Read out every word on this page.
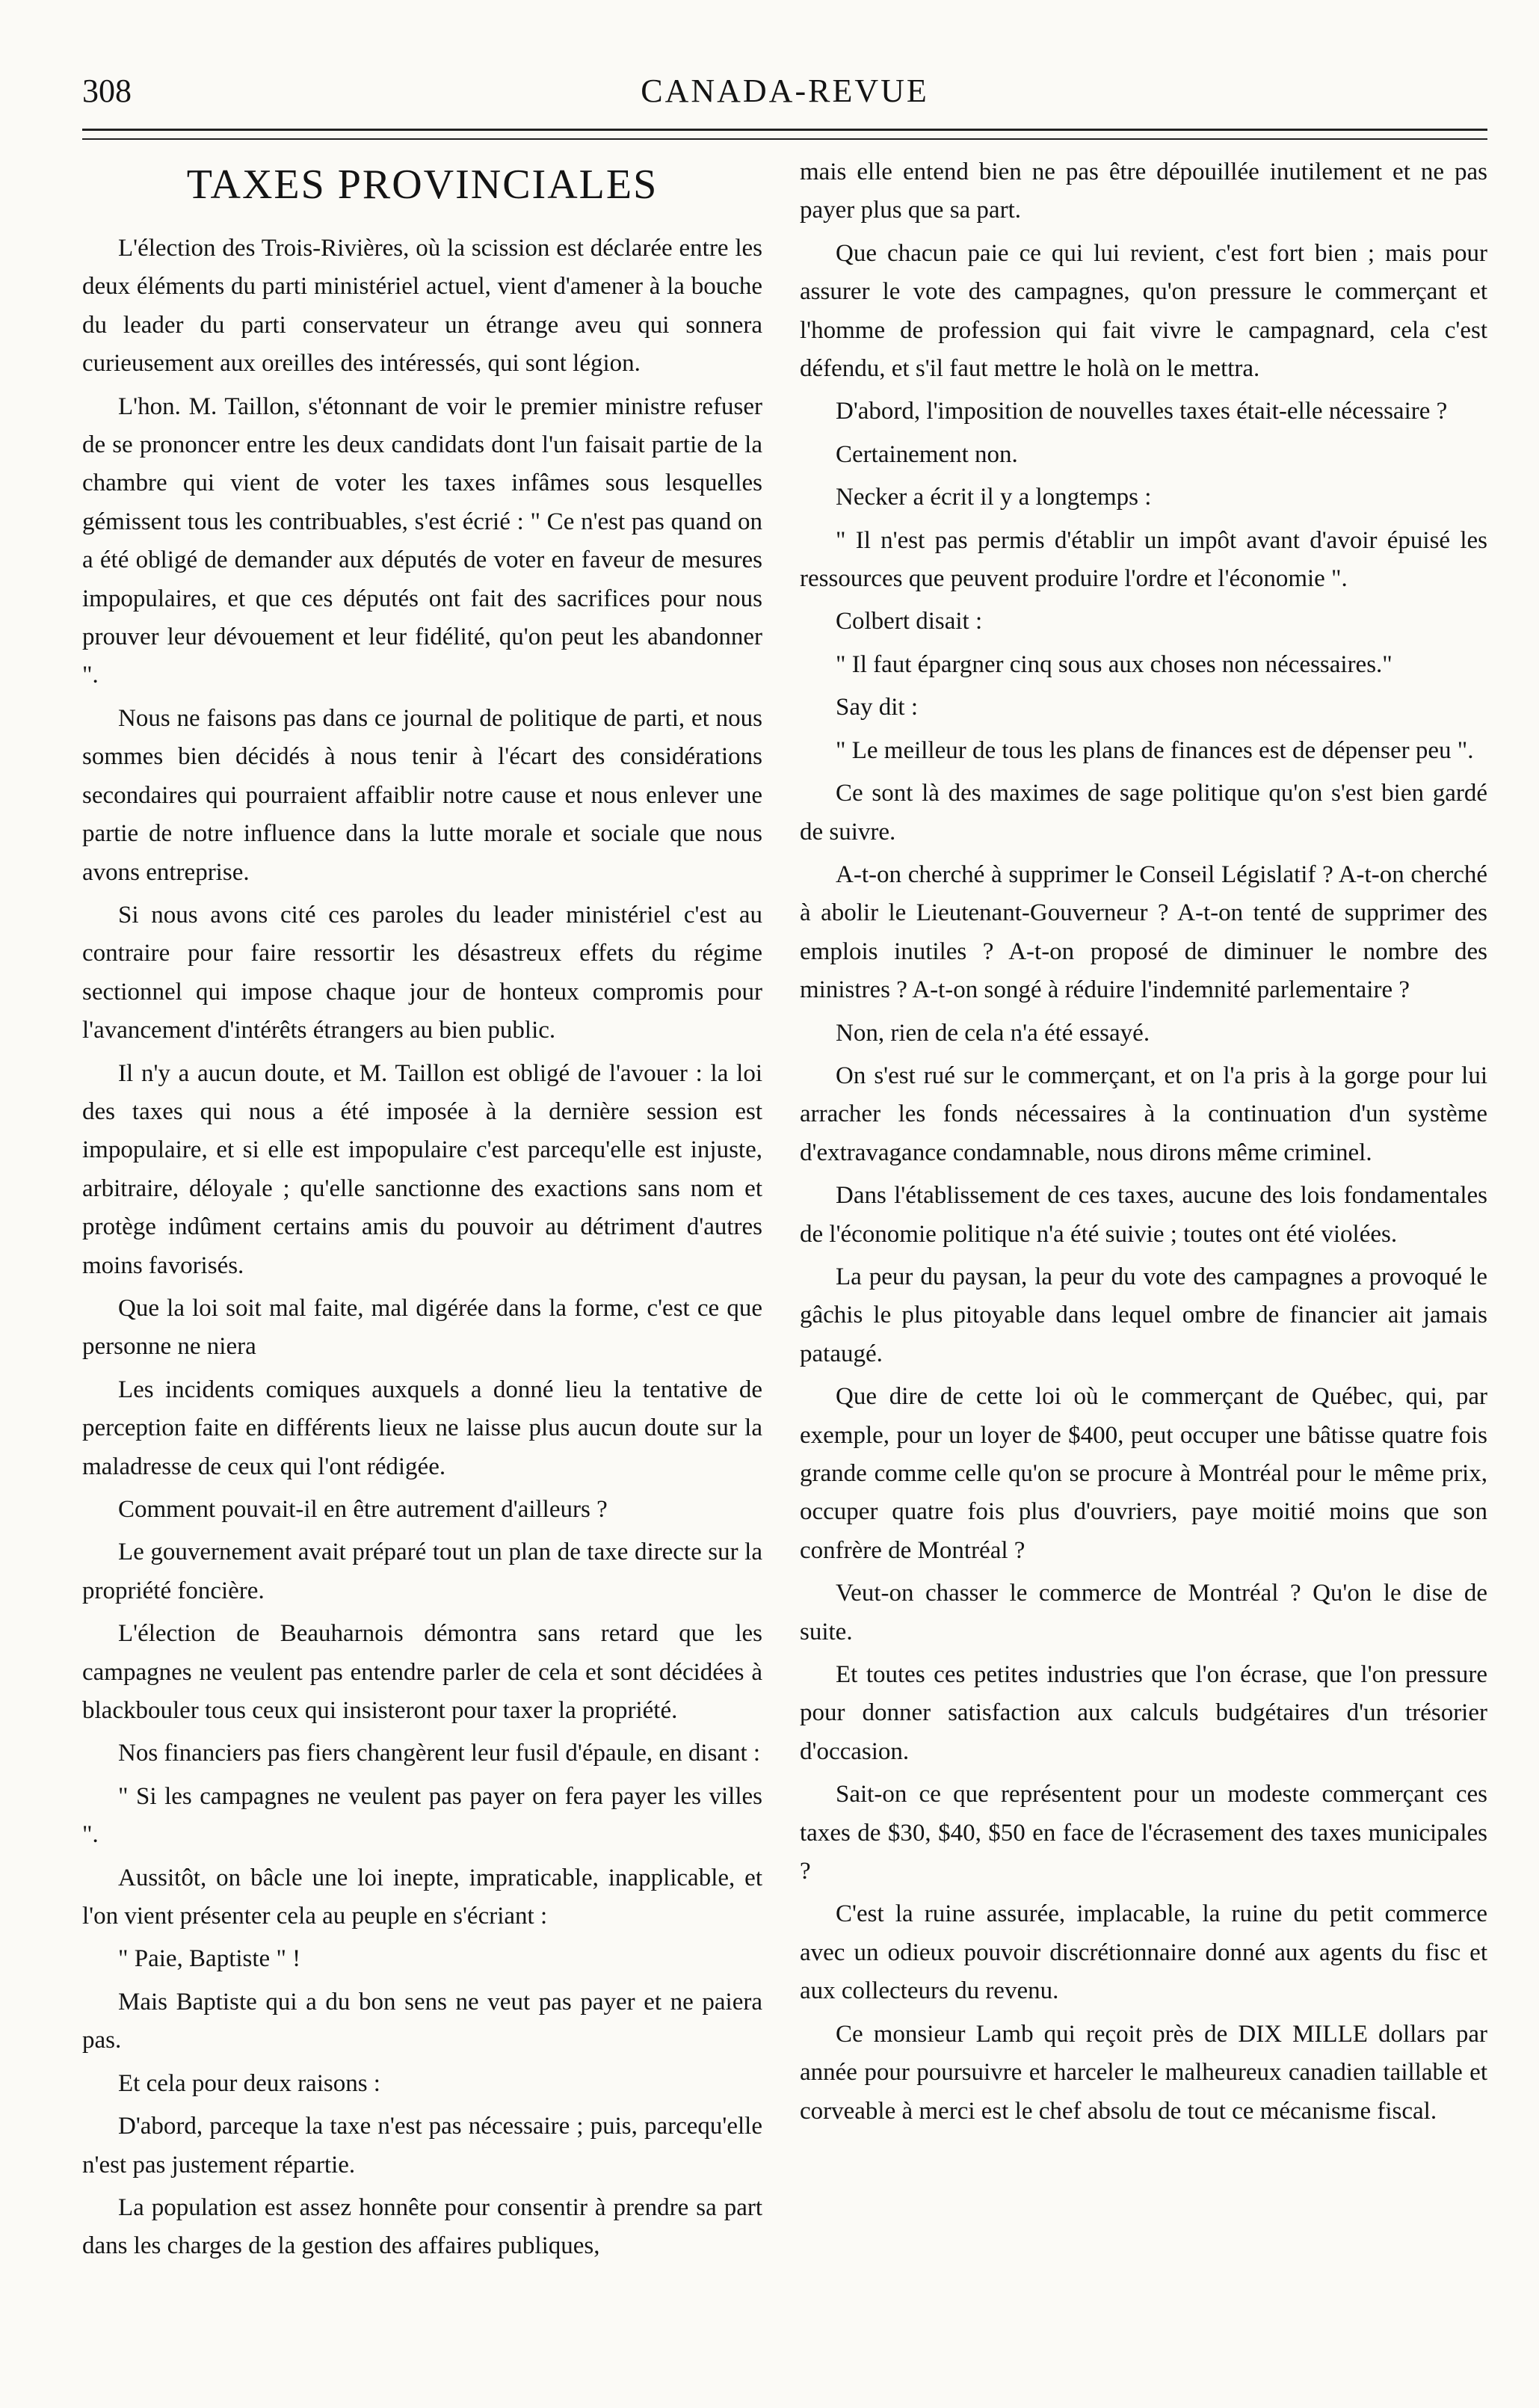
308	CANADA-REVUE
TAXES PROVINCIALES

L'élection des Trois-Rivières, où la scission est déclarée entre les deux éléments du parti ministériel actuel, vient d'amener à la bouche du leader du parti conservateur un étrange aveu qui sonnera curieusement aux oreilles des intéressés, qui sont légion.

L'hon. M. Taillon, s'étonnant de voir le premier ministre refuser de se prononcer entre les deux candidats dont l'un faisait partie de la chambre qui vient de voter les taxes infâmes sous lesquelles gémissent tous les contribuables, s'est écrié : " Ce n'est pas quand on a été obligé de demander aux députés de voter en faveur de mesures impopulaires, et que ces députés ont fait des sacrifices pour nous prouver leur dévouement et leur fidélité, qu'on peut les abandonner ".

Nous ne faisons pas dans ce journal de politique de parti, et nous sommes bien décidés à nous tenir à l'écart des considérations secondaires qui pourraient affaiblir notre cause et nous enlever une partie de notre influence dans la lutte morale et sociale que nous avons entreprise.

Si nous avons cité ces paroles du leader ministériel c'est au contraire pour faire ressortir les désastreux effets du régime sectionnel qui impose chaque jour de honteux compromis pour l'avancement d'intérêts étrangers au bien public.

Il n'y a aucun doute, et M. Taillon est obligé de l'avouer : la loi des taxes qui nous a été imposée à la dernière session est impopulaire, et si elle est impopulaire c'est parcequ'elle est injuste, arbitraire, déloyale ; qu'elle sanctionne des exactions sans nom et protège indûment certains amis du pouvoir au détriment d'autres moins favorisés.

Que la loi soit mal faite, mal digérée dans la forme, c'est ce que personne ne niera

Les incidents comiques auxquels a donné lieu la tentative de perception faite en différents lieux ne laisse plus aucun doute sur la maladresse de ceux qui l'ont rédigée.

Comment pouvait-il en être autrement d'ailleurs ?

Le gouvernement avait préparé tout un plan de taxe directe sur la propriété foncière.

L'élection de Beauharnois démontra sans retard que les campagnes ne veulent pas entendre parler de cela et sont décidées à blackbouler tous ceux qui insisteront pour taxer la propriété.

Nos financiers pas fiers changèrent leur fusil d'épaule, en disant :

" Si les campagnes ne veulent pas payer on fera payer les villes ".

Aussitôt, on bâcle une loi inepte, impraticable, inapplicable, et l'on vient présenter cela au peuple en s'écriant :

" Paie, Baptiste " !

Mais Baptiste qui a du bon sens ne veut pas payer et ne paiera pas.

Et cela pour deux raisons :

D'abord, parceque la taxe n'est pas nécessaire ; puis, parcequ'elle n'est pas justement répartie.

La population est assez honnête pour consentir à prendre sa part dans les charges de la gestion des affaires publiques,

mais elle entend bien ne pas être dépouillée inutilement et ne pas payer plus que sa part.

Que chacun paie ce qui lui revient, c'est fort bien ; mais pour assurer le vote des campagnes, qu'on pressure le commerçant et l'homme de profession qui fait vivre le campagnard, cela c'est défendu, et s'il faut mettre le holà on le mettra.

D'abord, l'imposition de nouvelles taxes était-elle nécessaire ?

Certainement non.

Necker a écrit il y a longtemps :

" Il n'est pas permis d'établir un impôt avant d'avoir épuisé les ressources que peuvent produire l'ordre et l'économie ".

Colbert disait :

" Il faut épargner cinq sous aux choses non nécessaires."

Say dit :

" Le meilleur de tous les plans de finances est de dépenser peu ".

Ce sont là des maximes de sage politique qu'on s'est bien gardé de suivre.

A-t-on cherché à supprimer le Conseil Législatif ? A-t-on cherché à abolir le Lieutenant-Gouverneur ? A-t-on tenté de supprimer des emplois inutiles ? A-t-on proposé de diminuer le nombre des ministres ? A-t-on songé à réduire l'indemnité parlementaire ?

Non, rien de cela n'a été essayé.

On s'est rué sur le commerçant, et on l'a pris à la gorge pour lui arracher les fonds nécessaires à la continuation d'un système d'extravagance condamnable, nous dirons même criminel.

Dans l'établissement de ces taxes, aucune des lois fondamentales de l'économie politique n'a été suivie ; toutes ont été violées.

La peur du paysan, la peur du vote des campagnes a provoqué le gâchis le plus pitoyable dans lequel ombre de financier ait jamais pataugé.

Que dire de cette loi où le commerçant de Québec, qui, par exemple, pour un loyer de $400, peut occuper une bâtisse quatre fois grande comme celle qu'on se procure à Montréal pour le même prix, occuper quatre fois plus d'ouvriers, paye moitié moins que son confrère de Montréal ?

Veut-on chasser le commerce de Montréal ? Qu'on le dise de suite.

Et toutes ces petites industries que l'on écrase, que l'on pressure pour donner satisfaction aux calculs budgétaires d'un trésorier d'occasion.

Sait-on ce que représentent pour un modeste commerçant ces taxes de $30, $40, $50 en face de l'écrasement des taxes municipales ?

C'est la ruine assurée, implacable, la ruine du petit commerce avec un odieux pouvoir discrétionnaire donné aux agents du fisc et aux collecteurs du revenu.

Ce monsieur Lamb qui reçoit près de DIX MILLE dollars par année pour poursuivre et harceler le malheureux canadien taillable et corveable à merci est le chef absolu de tout ce mécanisme fiscal.
